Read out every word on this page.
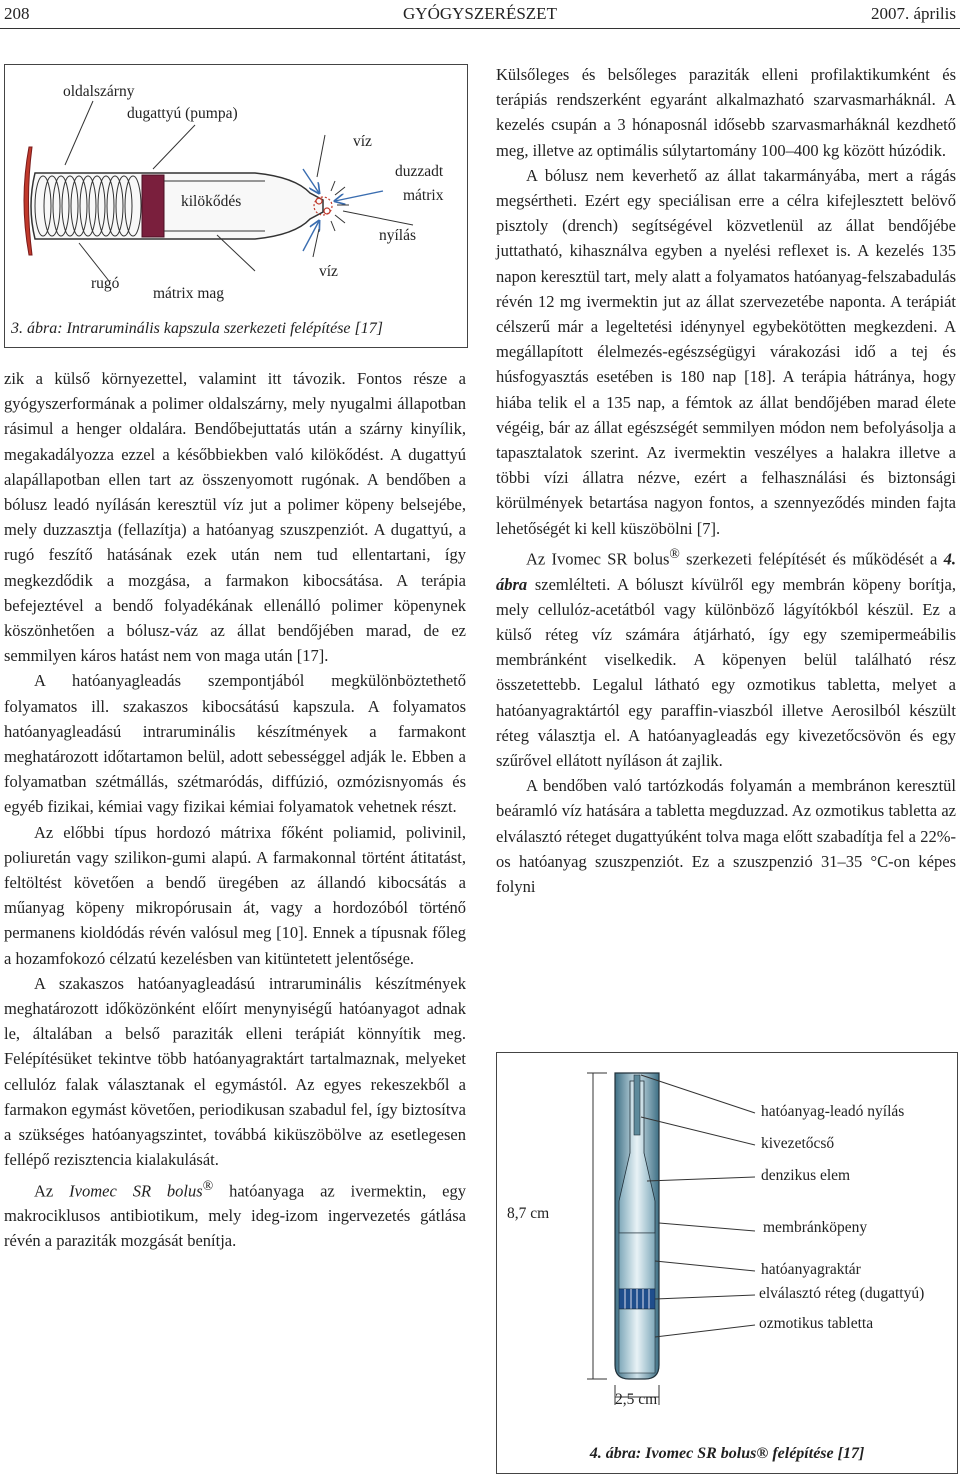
208	GYÓGYSZERÉSZET	2007. április
oldalszárny
dugattyú (pumpa)
víz
duzzadt
mátrix
kilökődés
nyílás
rugó
víz
mátrix mag
3. ábra: Intraruminális kapszula szerkezeti felépítése [17]

zik a külső környezettel, valamint itt távozik. Fontos része a gyógyszerformának a polimer oldalszárny, mely nyugalmi állapotban rásimul a henger oldalára. Bendőbejuttatás után a szárny kinyílik, megakadályozza ezzel a későbbiekben való kilökődést. A dugattyú alapállapotban ellen tart az összenyomott rugónak. A bendőben a bólusz leadó nyílásán keresztül víz jut a polimer köpeny belsejébe, mely duzzasztja (fellazítja) a hatóanyag szuszpenziót. A dugattyú, a rugó feszítő hatásának ezek után nem tud ellentartani, így megkezdődik a mozgása, a farmakon kibocsátása. A terápia befejeztével a bendő folyadékának ellenálló polimer köpenynek köszönhetően a bólusz-váz az állat bendőjében marad, de ez semmilyen káros hatást nem von maga után [17].

A hatóanyagleadás szempontjából megkülönböztethető folyamatos ill. szakaszos kibocsátású kapszula. A folyamatos hatóanyagleadású intraruminális készítmények a farmakont meghatározott időtartamon belül, adott sebességgel adják le. Ebben a folyamatban szétmállás, szétmaródás, diffúzió, ozmózisnyomás és egyéb fizikai, kémiai vagy fizikai kémiai folyamatok vehetnek részt.

Az előbbi típus hordozó mátrixa főként poliamid, polivinil, poliuretán vagy szilikon-gumi alapú. A farmakonnal történt átitatást, feltöltést követően a bendő üregében az állandó kibocsátás a műanyag köpeny mikropórusain át, vagy a hordozóból történő permanens kioldódás révén valósul meg [10]. Ennek a típusnak főleg a hozamfokozó célzatú kezelésben van kitüntetett jelentősége.

A szakaszos hatóanyagleadású intraruminális készítmények meghatározott időközönként előírt menynyiségű hatóanyagot adnak le, általában a belső paraziták elleni terápiát könnyítik meg. Felépítésüket tekintve több hatóanyagraktárt tartalmaznak, melyeket cellulóz falak választanak el egymástól. Az egyes rekeszekből a farmakon egymást követően, periodikusan szabadul fel, így biztosítva a szükséges hatóanyagszintet, továbbá kiküszöbölve az esetlegesen fellépő rezisztencia kialakulását.

Az Ivomec SR bolus® hatóanyaga az ivermektin, egy makrociklusos antibiotikum, mely ideg-izom ingervezetés gátlása révén a paraziták mozgását benítja.

Külsőleges és belsőleges paraziták elleni profilaktikumként és terápiás rendszerként egyaránt alkalmazható szarvasmarháknál. A kezelés csupán a 3 hónaposnál idősebb szarvasmarháknál kezdhető meg, illetve az optimális súlytartomány 100–400 kg között húzódik.

A bólusz nem keverhető az állat takarmányába, mert a rágás megsértheti. Ezért egy speciálisan erre a célra kifejlesztett belövő pisztoly (drench) segítségével közvetlenül az állat bendőjébe juttatható, kihasználva egyben a nyelési reflexet is. A kezelés 135 napon keresztül tart, mely alatt a folyamatos hatóanyag-felszabadulás révén 12 mg ivermektin jut az állat szervezetébe naponta. A terápiát célszerű már a legeltetési idénynyel egybekötötten megkezdeni. A megállapított élelmezés-egészségügyi várakozási idő a tej és húsfogyasztás esetében is 180 nap [18]. A terápia hátránya, hogy hiába telik el a 135 nap, a fémtok az állat bendőjében marad élete végéig, bár az állat egészségét semmilyen módon nem befolyásolja a tapasztalatok szerint. Az ivermektin veszélyes a halakra illetve a többi vízi állatra nézve, ezért a felhasználási és biztonsági körülmények betartása nagyon fontos, a szennyeződés minden fajta lehetőségét ki kell küszöbölni [7].

Az Ivomec SR bolus® szerkezeti felépítését és működését a 4. ábra szemlélteti. A bóluszt kívülről egy membrán köpeny borítja, mely cellulóz-acetátból vagy különböző lágyítókból készül. Ez a külső réteg víz számára átjárható, így egy szemipermeábilis membránként viselkedik. A köpenyen belül található rész összetettebb. Legalul látható egy ozmotikus tabletta, melyet a hatóanyagraktártól egy paraffin-viaszból illetve Aerosilból készült réteg választja el. A hatóanyagleadás egy kivezetőcsövön és egy szűrővel ellátott nyíláson át zajlik.

A bendőben való tartózkodás folyamán a membránon keresztül beáramló víz hatására a tabletta megduzzad. Az ozmotikus tabletta az elválasztó réteget dugattyúként tolva maga előtt szabadítja fel a 22%-os hatóanyag szuszpenziót. Ez a szuszpenzió 31–35 °C-on képes folyni

hatóanyag-leadó nyílás
kivezetőcső
denzikus elem
membránköpeny
hatóanyagraktár
elválasztó réteg (dugattyú)
ozmotikus tabletta
8,7 cm
2,5 cm
4. ábra: Ivomec SR bolus® felépítése [17]
